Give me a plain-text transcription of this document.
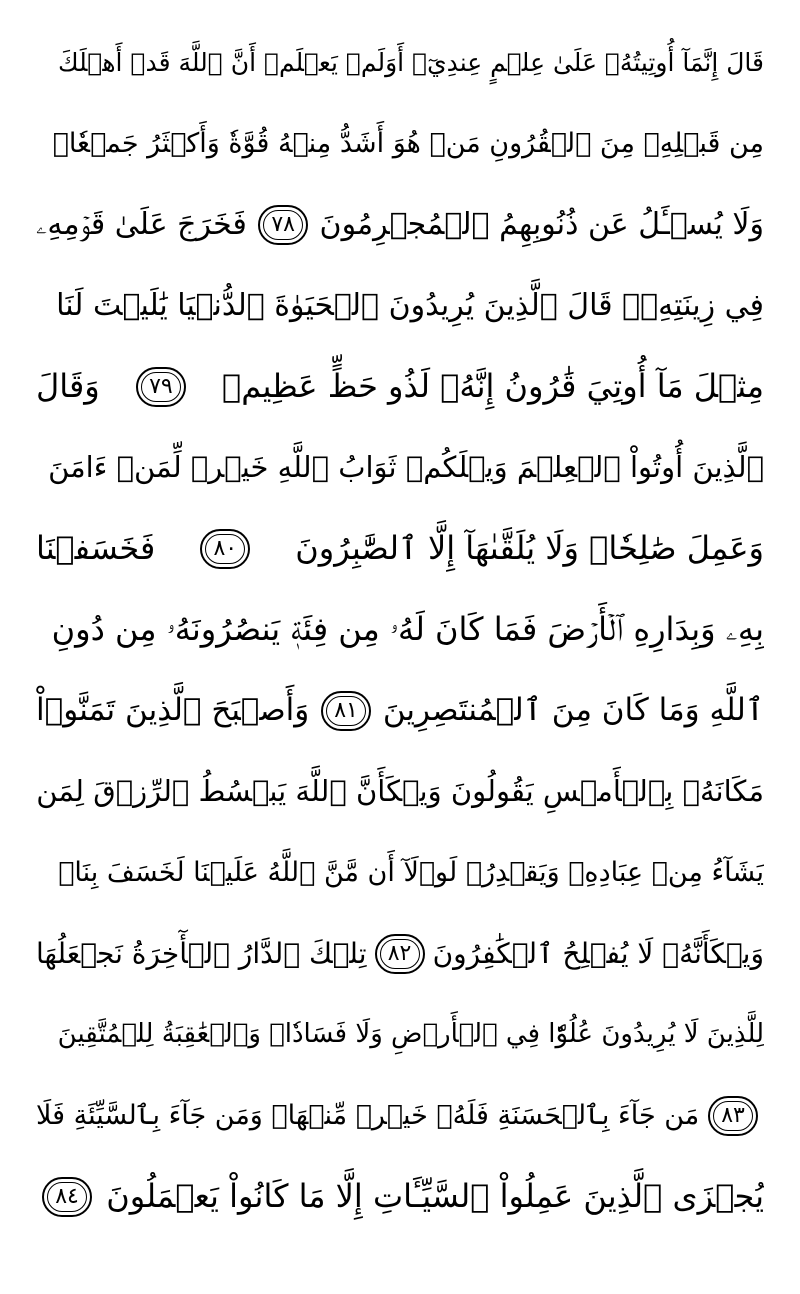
قَالَ إِنَّمَآ أُوتِيتُهُۥ عَلَىٰ عِلۡمٍ عِندِيٓۚ أَوَلَمۡ يَعۡلَمۡ أَنَّ ٱللَّهَ قَدۡ أَهۡلَكَ
مِن قَبۡلِهِۦ مِنَ ٱلۡقُرُونِ مَنۡ هُوَ أَشَدُّ مِنۡهُ قُوَّةٗ وَأَكۡثَرُ جَمۡعٗاۚ
وَلَا يُسۡـَٔلُ عَن ذُنُوبِهِمُ ٱلۡمُجۡرِمُونَ
٧٨
فَخَرَجَ عَلَىٰ قَوۡمِهِۦ
فِي زِينَتِهِۦۖ قَالَ ٱلَّذِينَ يُرِيدُونَ ٱلۡحَيَوٰةَ ٱلدُّنۡيَا يَٰلَيۡتَ لَنَا
مِثۡلَ مَآ أُوتِيَ قَٰرُونُ إِنَّهُۥ لَذُو حَظٍّ عَظِيمٖ
٧٩
وَقَالَ
ٱلَّذِينَ أُوتُواْ ٱلۡعِلۡمَ وَيۡلَكُمۡ ثَوَابُ ٱللَّهِ خَيۡرٞ لِّمَنۡ ءَامَنَ
وَعَمِلَ صَٰلِحٗاۚ وَلَا يُلَقَّىٰهَآ إِلَّا ٱلصَّٰبِرُونَ
٨٠
فَخَسَفۡنَا
بِهِۦ وَبِدَارِهِ ٱلۡأَرۡضَ فَمَا كَانَ لَهُۥ مِن فِئَةٖ يَنصُرُونَهُۥ مِن دُونِ
ٱللَّهِ وَمَا كَانَ مِنَ ٱلۡمُنتَصِرِينَ
٨١
وَأَصۡبَحَ ٱلَّذِينَ تَمَنَّوۡاْ
مَكَانَهُۥ بِٱلۡأَمۡسِ يَقُولُونَ وَيۡكَأَنَّ ٱللَّهَ يَبۡسُطُ ٱلرِّزۡقَ لِمَن
يَشَآءُ مِنۡ عِبَادِهِۦ وَيَقۡدِرُۖ لَوۡلَآ أَن مَّنَّ ٱللَّهُ عَلَيۡنَا لَخَسَفَ بِنَاۖ
وَيۡكَأَنَّهُۥ لَا يُفۡلِحُ ٱلۡكَٰفِرُونَ
٨٢
تِلۡكَ ٱلدَّارُ ٱلۡأٓخِرَةُ نَجۡعَلُهَا
لِلَّذِينَ لَا يُرِيدُونَ عُلُوّٗا فِي ٱلۡأَرۡضِ وَلَا فَسَادٗاۚ وَٱلۡعَٰقِبَةُ لِلۡمُتَّقِينَ
٨٣
مَن جَآءَ بِٱلۡحَسَنَةِ فَلَهُۥ خَيۡرٞ مِّنۡهَاۖ وَمَن جَآءَ بِٱلسَّيِّئَةِ فَلَا
يُجۡزَى ٱلَّذِينَ عَمِلُواْ ٱلسَّيِّـَٔاتِ إِلَّا مَا كَانُواْ يَعۡمَلُونَ
٨٤
